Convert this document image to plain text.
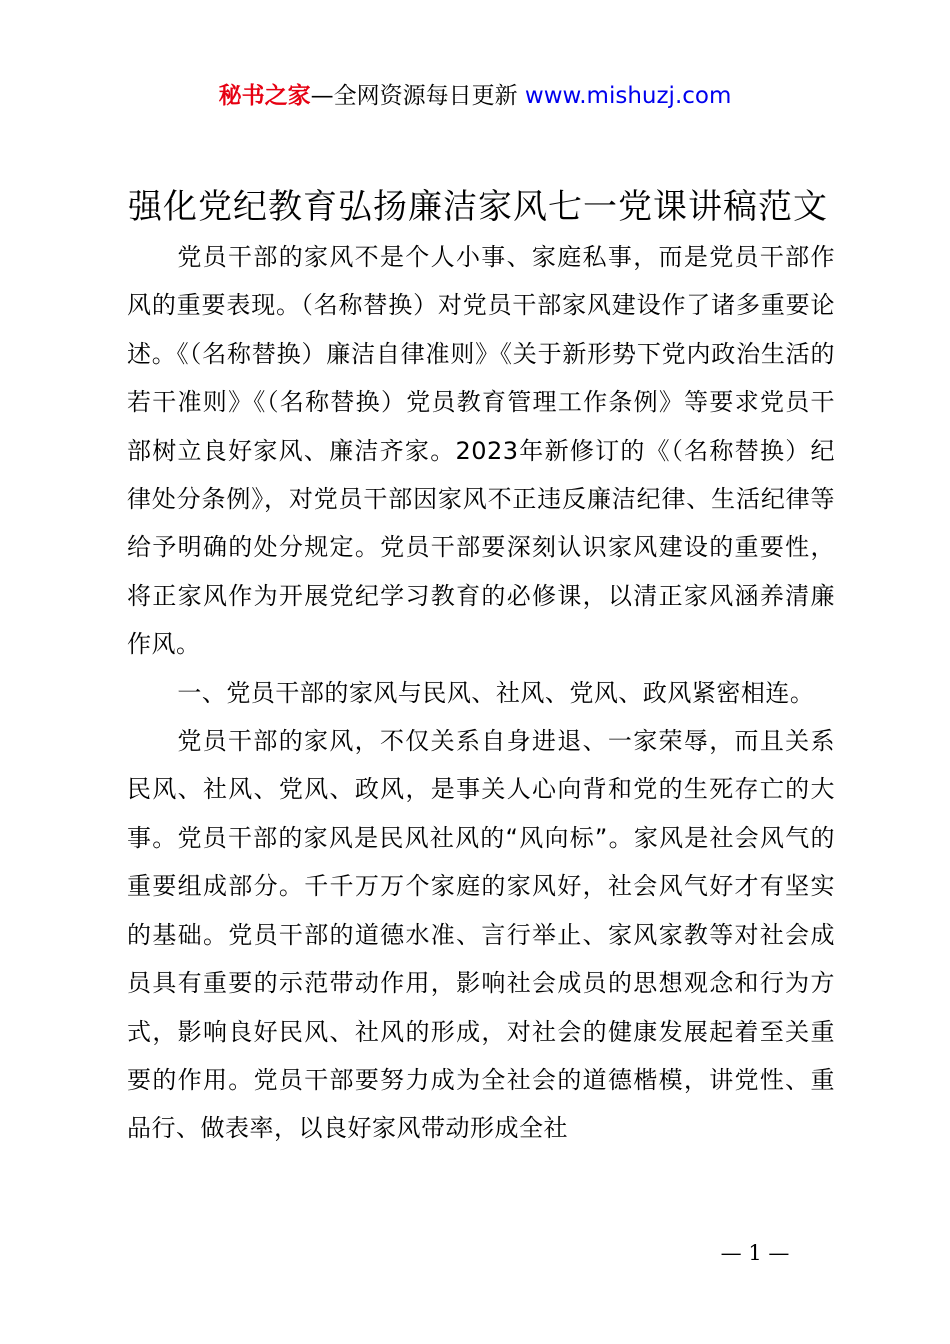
秘书之家—全网资源每日更新 www.mishuzj.com
强化党纪教育弘扬廉洁家风七一党课讲稿范文

党员干部的家风不是个人小事、家庭私事，而是党员干部作风的重要表现。（名称替换）对党员干部家风建设作了诸多重要论述。《（名称替换）廉洁自律准则》《关于新形势下党内政治生活的若干准则》《（名称替换）党员教育管理工作条例》等要求党员干部树立良好家风、廉洁齐家。2023年新修订的《（名称替换）纪律处分条例》，对党员干部因家风不正违反廉洁纪律、生活纪律等给予明确的处分规定。党员干部要深刻认识家风建设的重要性，将正家风作为开展党纪学习教育的必修课，以清正家风涵养清廉作风。

一、党员干部的家风与民风、社风、党风、政风紧密相连。

党员干部的家风，不仅关系自身进退、一家荣辱，而且关系民风、社风、党风、政风，是事关人心向背和党的生死存亡的大事。党员干部的家风是民风社风的“风向标”。家风是社会风气的重要组成部分。千千万万个家庭的家风好，社会风气好才有坚实的基础。党员干部的道德水准、言行举止、家风家教等对社会成员具有重要的示范带动作用，影响社会成员的思想观念和行为方式，影响良好民风、社风的形成，对社会的健康发展起着至关重要的作用。党员干部要努力成为全社会的道德楷模，讲党性、重品行、做表率，以良好家风带动形成全社

— 1 —
